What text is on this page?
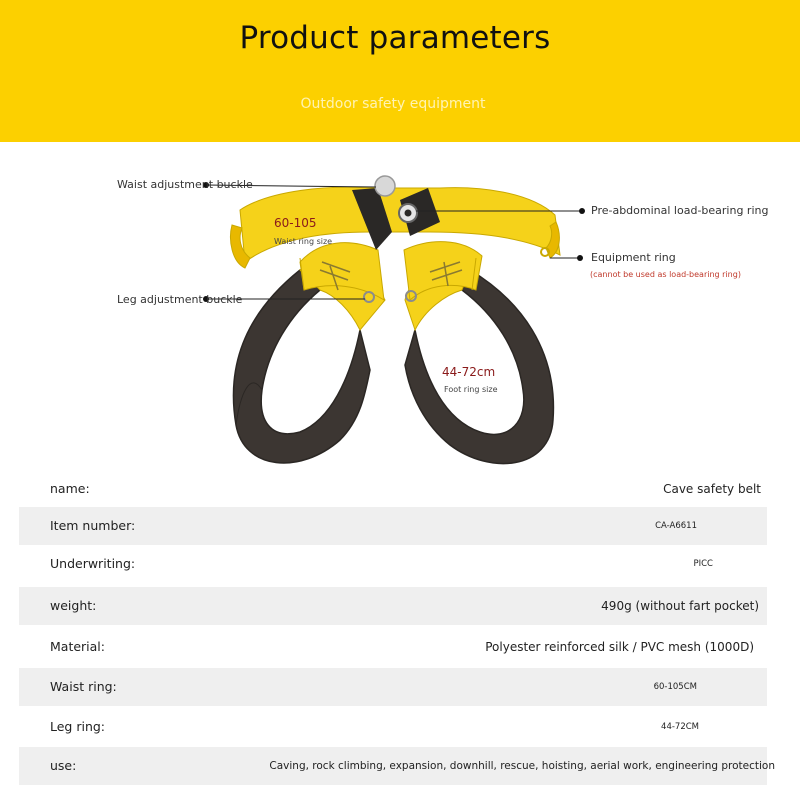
Product parameters
Outdoor safety equipment
Waist adjustment buckle
Leg adjustment buckle
Pre-abdominal load-bearing ring
Equipment ring
(cannot be used as load-bearing ring)
60-105
Waist ring size
44-72cm
Foot ring size
name:	Cave safety belt
Item number:	CA-A6611
Underwriting:	PICC
weight:	490g (without fart pocket)
Material:	Polyester reinforced silk / PVC mesh (1000D)
Waist ring:	60-105CM
Leg ring:	44-72CM
use:	Caving, rock climbing, expansion, downhill, rescue, hoisting, aerial work, engineering protection
